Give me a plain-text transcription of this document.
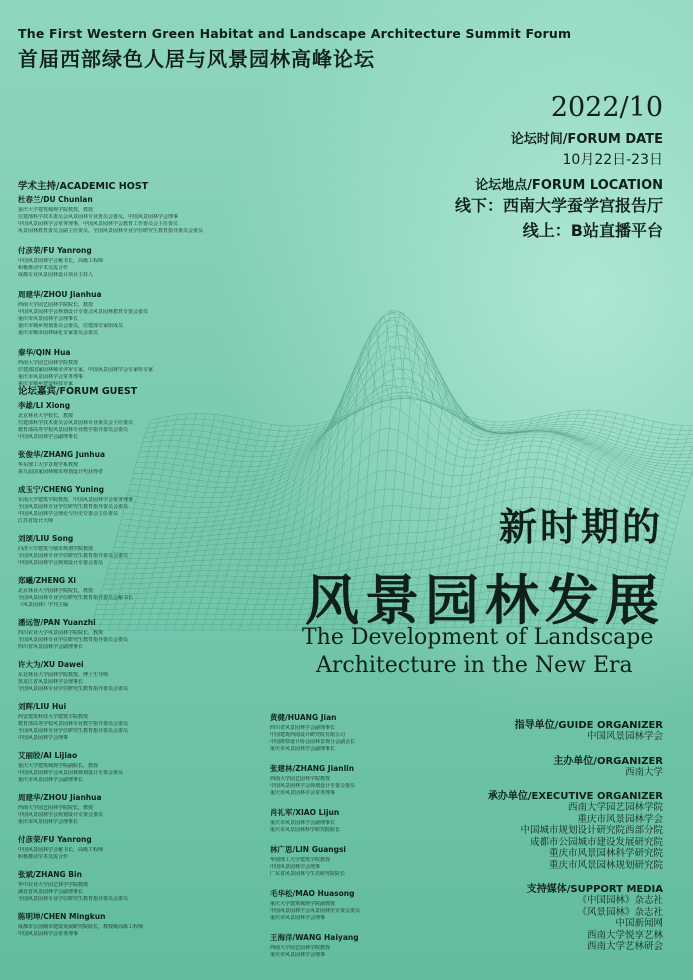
The First Western Green Habitat and Landscape Architecture Summit Forum
首届西部绿色人居与风景园林高峰论坛
2022/10
论坛时间/FORUM DATE
10月22日-23日
论坛地点/FORUM LOCATION
线下：西南大学蚕学宫报告厅
线上：B站直播平台
学术主持/ACADEMIC HOST
杜春兰/DU Chunlan
重庆大学建筑城规学院教授，教授
住建部科学技术委员会风景园林专业委员会委员，中国风景园林学会理事
中国风景园林学会常务理事，中国风景园林学会教育工作委员会主任委员
风景园林教育委员会副主任委员，全国风景园林专业学位研究生教育指导委员会委员
付彦荣/FU Yanrong
中国风景园林学会秘书长，高级工程师
积极推动学术交流合作
成都专业风景园林设计项目主持人
周建华/ZHOU Jianhua
西南大学园艺园林学院院长，教授
中国风景园林学会规划设计专委会风景园林教育专委会委员
重庆市风景园林学会理事长
重庆市城乡规划委员会委员，住建部专家组成员
重庆市城市园林绿化专家委员会委员
秦华/QIN Hua
西南大学园艺园林学院教授
住建部国家园林城市评审专家，中国风景园林学会专家库专家
重庆市风景园林学会常务理事
重庆市城乡建设科技专家
论坛嘉宾/FORUM GUEST
李雄/LI Xiong
北京林业大学校长，教授
住建部科学技术委员会风景园林专业委员会主任委员
教育部高等学校风景园林专业教学指导委员会委员
中国风景园林学会副理事长
张俊华/ZHANG Junhua
华东理工大学景观学系教授
第九届国家园林城市规划设计奖获得者
成玉宁/CHENG Yuning
东南大学建筑学院教授，中国风景园林学会常务理事
全国风景园林专业学位研究生教育指导委员会委员
中国风景园林学会理论与历史专委会主任委员
江苏省设计大师
刘颂/LIU Song
同济大学建筑与城市规划学院教授
全国风景园林专业学位研究生教育指导委员会委员
中国风景园林学会规划设计专委会委员
郑曦/ZHENG Xi
北京林业大学园林学院院长，教授
全国风景园林专业学位研究生教育指导委员会秘书长
《风景园林》学刊主编
潘远智/PAN Yuanzhi
四川农业大学风景园林学院院长，教授
全国风景园林专业学位研究生教育指导委员会委员
四川省风景园林学会副理事长
许大为/XU Dawei
东北林业大学园林学院教授，博士生导师
黑龙江省风景园林学会理事长
全国风景园林专业学位研究生教育指导委员会委员
刘晖/LIU Hui
西安建筑科技大学建筑学院教授
教育部高等学校风景园林专业教学指导委员会委员
全国风景园林专业学位研究生教育指导委员会委员
中国风景园林学会理事
艾丽皎/AI Lijiao
重庆大学建筑城规学院副院长，教授
中国风景园林学会风景园林规划设计专委会委员
重庆市风景园林学会副理事长
周建华/ZHOU Jianhua
西南大学园艺园林学院院长，教授
中国风景园林学会规划设计专委会委员
重庆市风景园林学会理事长
付彦荣/FU Yanrong
中国风景园林学会秘书长，高级工程师
积极推动学术交流合作
张斌/ZHANG Bin
华中农业大学园艺林学学院教授
湖北省风景园林学会副理事长
全国风景园林专业学位研究生教育指导委员会委员
陈明坤/CHEN Mingkun
成都市公园城市建设发展研究院院长，教授级高级工程师
中国风景园林学会常务理事
黄健/HUANG Jian
四川省风景园林学会副理事长
中国建筑西南设计研究院有限公司
中国勘察设计协会园林景观分会副会长
重庆市风景园林学会副理事长
张建林/ZHANG Jianlin
西南大学园艺园林学院教授
中国风景园林学会规划设计专委会委员
重庆市风景园林学会常务理事
肖礼军/XIAO Lijun
重庆市风景园林学会副理事长
重庆市风景园林科学研究院院长
林广思/LIN Guangsi
华南理工大学建筑学院教授
中国风景园林学会理事
广东省风景园林与生态研究院院长
毛华松/MAO Huasong
重庆大学建筑城规学院副教授
中国风景园林学会风景园林史专委会委员
重庆市风景园林学会理事
王海洋/WANG Haiyang
西南大学园艺园林学院教授
重庆市风景园林学会理事
新时期的
风景园林发展
The Development of Landscape
Architecture in the New Era
指导单位/GUIDE ORGANIZER
中国风景园林学会
主办单位/ORGANIZER
西南大学
承办单位/EXECUTIVE ORGANIZER
西南大学园艺园林学院
重庆市风景园林学会
中国城市规划设计研究院西部分院
成都市公园城市建设发展研究院
重庆市风景园林科学研究院
重庆市风景园林规划研究院
支持媒体/SUPPORT MEDIA
《中国园林》杂志社
《风景园林》杂志社
中国新闻网
西南大学悦享艺林
西南大学艺林研会
